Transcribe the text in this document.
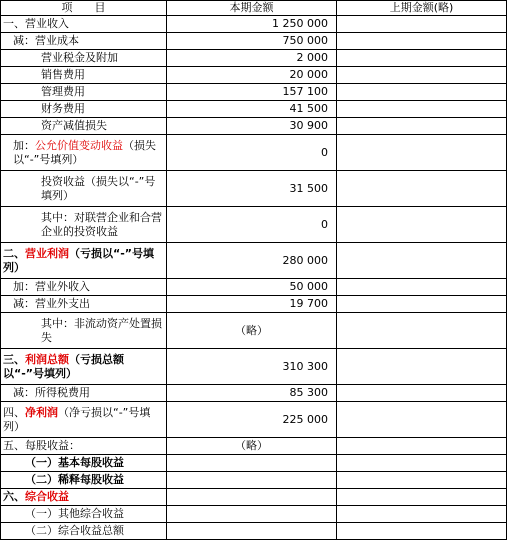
项　　目	本期金额	上期金额(略)
一、营业收入	1 250 000	
减：营业成本	750 000	
营业税金及附加	2 000	
销售费用	20 000	
管理费用	157 100	
财务费用	41 500	
资产减值损失	30 900	
加：公允价值变动收益（损失以“-”号填列）	0	
投资收益（损失以“-”号填列）	31 500	
其中：对联营企业和合营企业的投资收益	0	
二、营业利润（亏损以“-”号填列）	280 000	
加：营业外收入	50 000	
减：营业外支出	19 700	
其中：非流动资产处置损失	（略）	
三、利润总额（亏损总额以“-”号填列）	310 300	
减：所得税费用	85 300	
四、净利润（净亏损以“-”号填列）	225 000	
五、每股收益：	（略）	
（一）基本每股收益		
（二）稀释每股收益		
六、综合收益		
（一）其他综合收益		
（二）综合收益总额		
